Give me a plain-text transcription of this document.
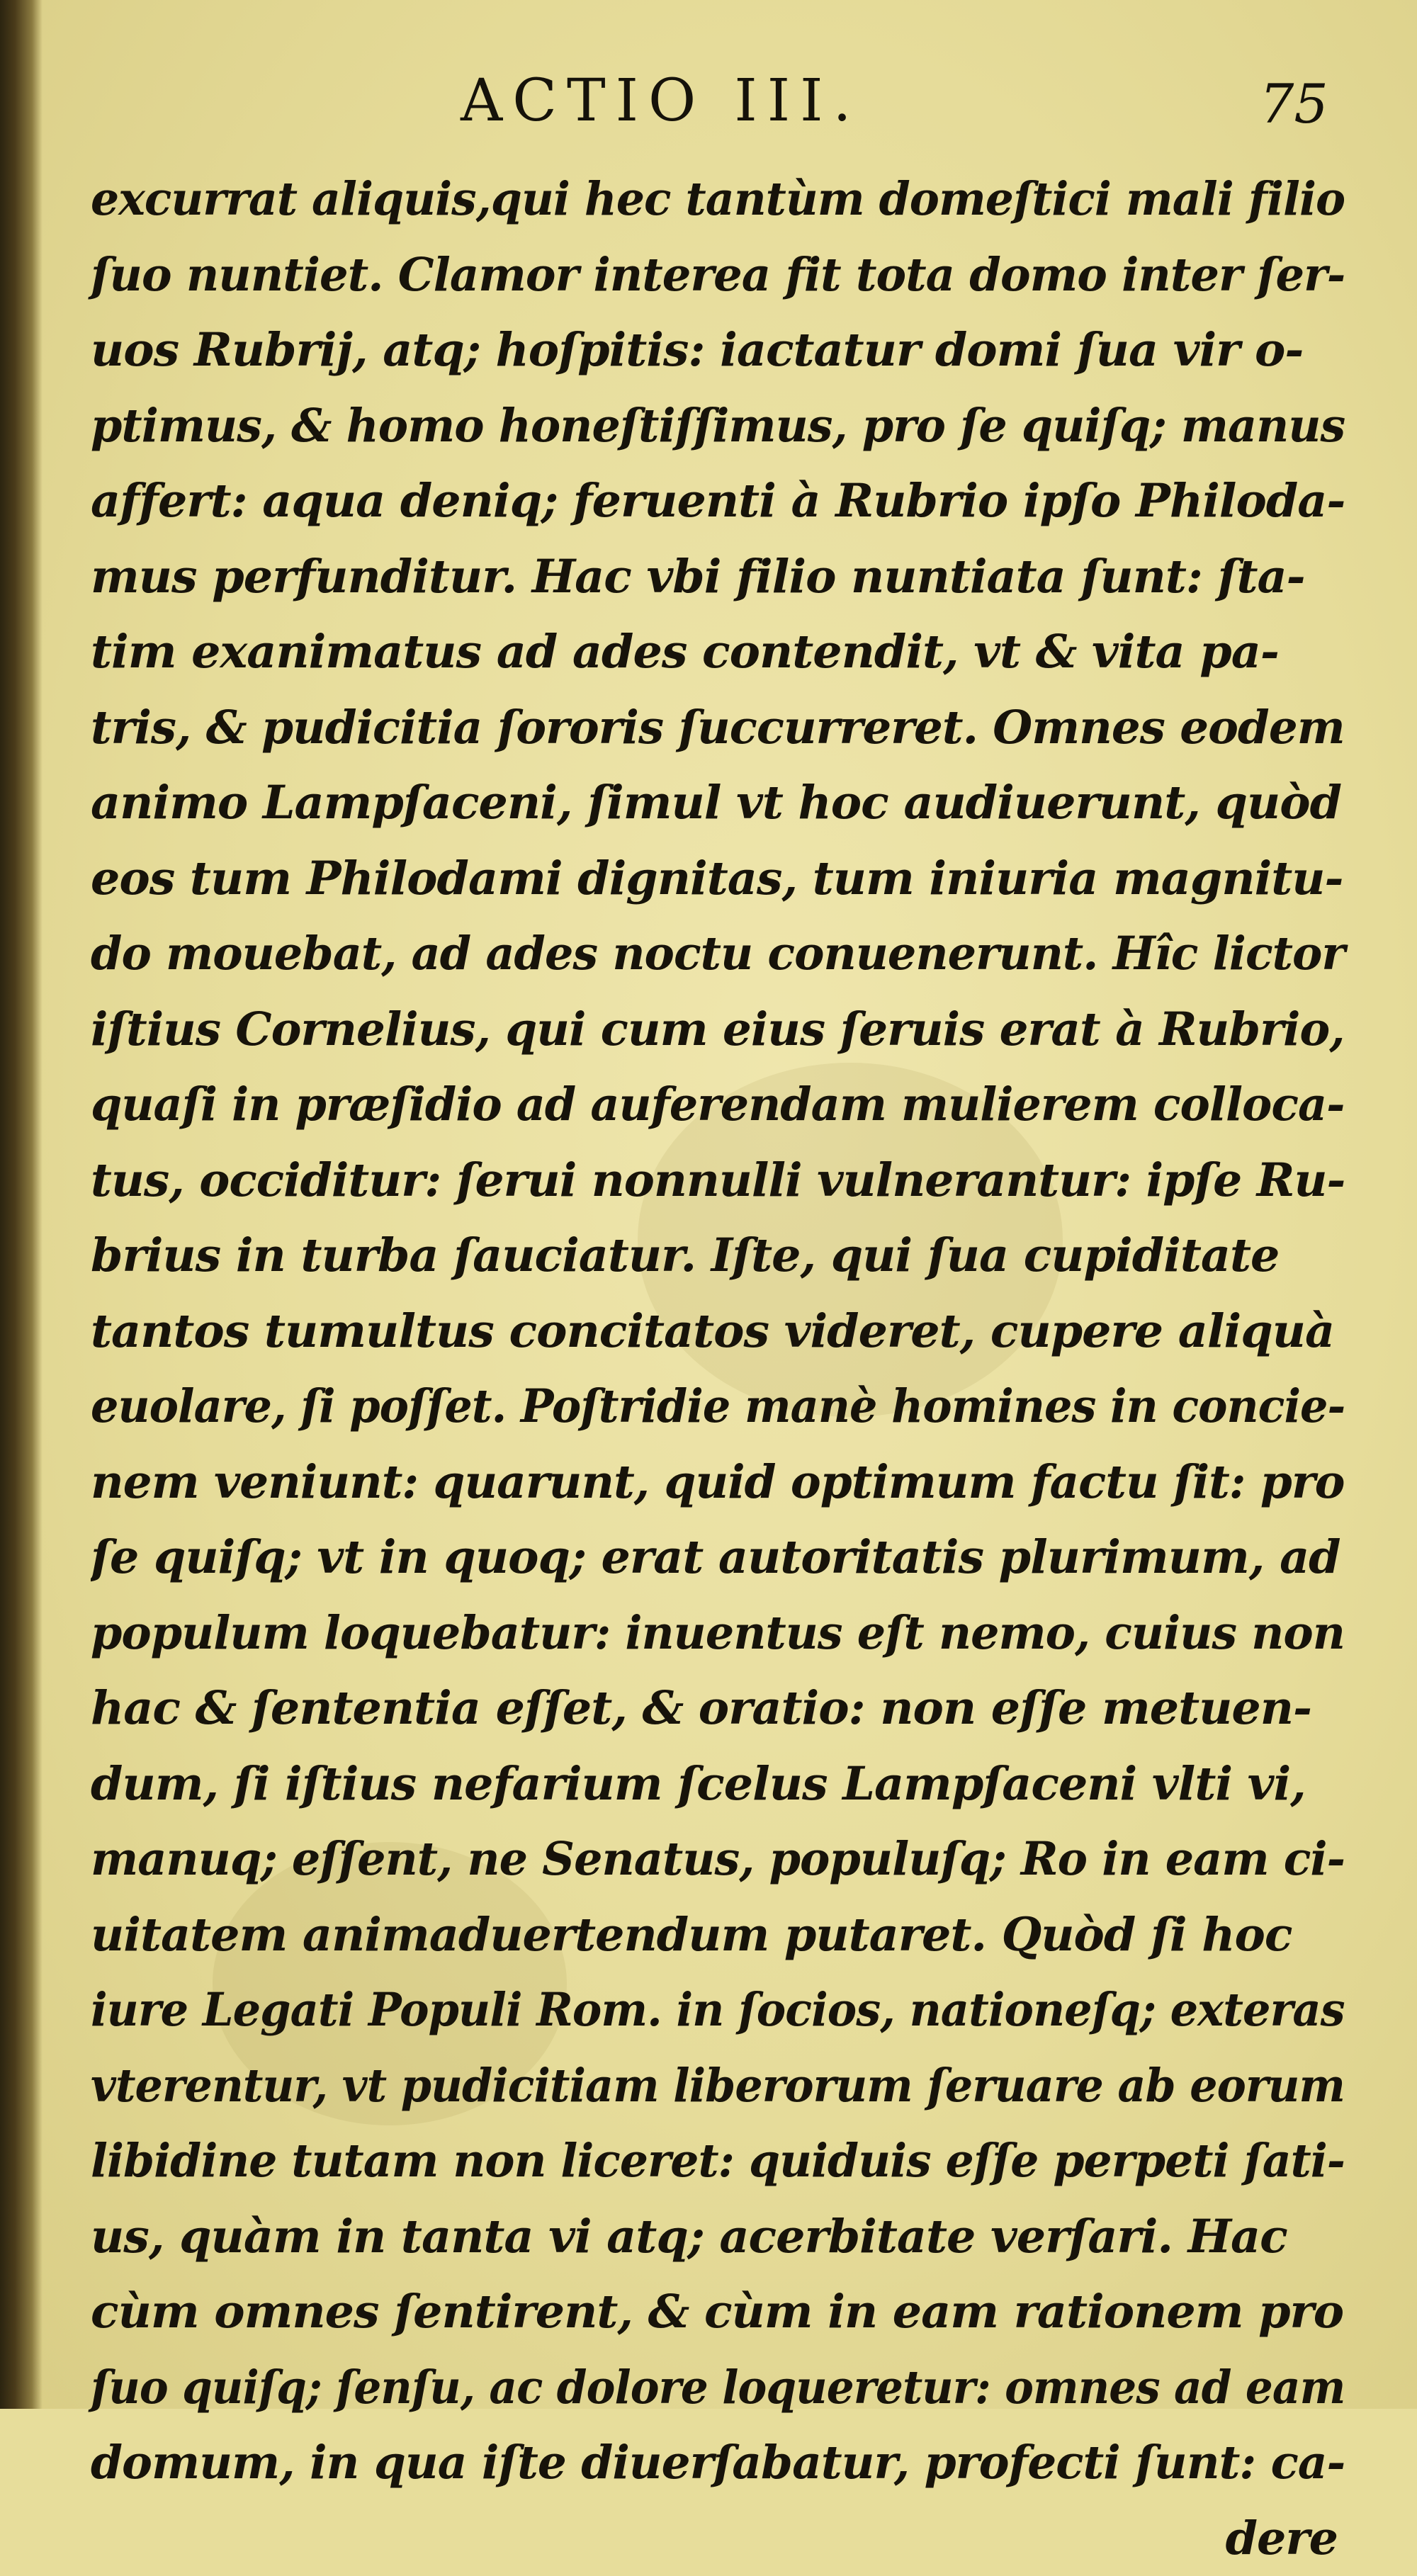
ACTIO III.	75
excurrat aliquis,qui hec tantùm domeſtici mali filio
ſuo nuntiet. Clamor interea fit tota domo inter ſer-
uos Rubrij, atq; hoſpitis: iactatur domi ſua vir o-
ptimus, & homo honeſtiſſimus, pro ſe quiſq; manus
affert: aqua deniq; feruenti à Rubrio ipſo Philoda-
mus perfunditur. Hac vbi filio nuntiata ſunt: ſta-
tim exanimatus ad ades contendit, vt & vita pa-
tris, & pudicitia ſororis ſuccurreret. Omnes eodem
animo Lampſaceni, ſimul vt hoc audiuerunt, quòd
eos tum Philodami dignitas, tum iniuria magnitu-
do mouebat, ad ades noctu conuenerunt. Hîc lictor
iſtius Cornelius, qui cum eius ſeruis erat à Rubrio,
quaſi in præſidio ad auferendam mulierem colloca-
tus, occiditur: ſerui nonnulli vulnerantur: ipſe Ru-
brius in turba ſauciatur. Iſte, qui ſua cupiditate
tantos tumultus concitatos videret, cupere aliquà
euolare, ſi poſſet. Poſtridie manè homines in concie-
nem veniunt: quarunt, quid optimum factu ſit: pro
ſe quiſq; vt in quoq; erat autoritatis plurimum, ad
populum loquebatur: inuentus eſt nemo, cuius non
hac & ſententia eſſet, & oratio: non eſſe metuen-
dum, ſi iſtius nefarium ſcelus Lampſaceni vlti vi,
manuq; eſſent, ne Senatus, populuſq; Ro in eam ci-
uitatem animaduertendum putaret. Quòd ſi hoc
iure Legati Populi Rom. in ſocios, nationeſq; exteras
vterentur, vt pudicitiam liberorum ſeruare ab eorum
libidine tutam non liceret: quiduis eſſe perpeti ſati-
us, quàm in tanta vi atq; acerbitate verſari. Hac
cùm omnes ſentirent, & cùm in eam rationem pro
ſuo quiſq; ſenſu, ac dolore loqueretur: omnes ad eam
domum, in qua iſte diuerſabatur, profecti ſunt: ca-
dere
